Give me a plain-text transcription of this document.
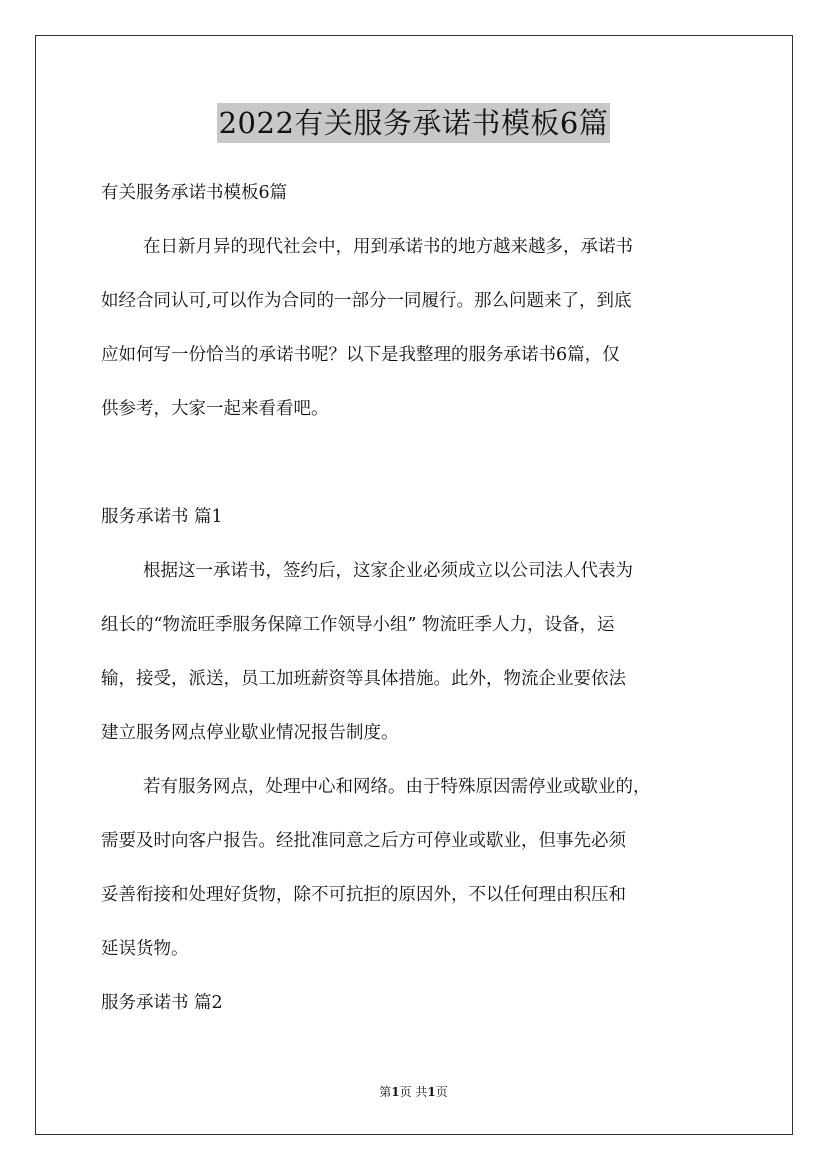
2022有关服务承诺书模板6篇
有关服务承诺书模板6篇
在日新月异的现代社会中，用到承诺书的地方越来越多，承诺书
如经合同认可,可以作为合同的一部分一同履行。那么问题来了，到底
应如何写一份恰当的承诺书呢？以下是我整理的服务承诺书6篇，仅
供参考，大家一起来看看吧。
服务承诺书 篇1
根据这一承诺书，签约后，这家企业必须成立以公司法人代表为
组长的“物流旺季服务保障工作领导小组” 物流旺季人力，设备，运
输，接受，派送，员工加班薪资等具体措施。此外，物流企业要依法
建立服务网点停业歇业情况报告制度。
若有服务网点，处理中心和网络。由于特殊原因需停业或歇业的，
需要及时向客户报告。经批准同意之后方可停业或歇业，但事先必须
妥善衔接和处理好货物，除不可抗拒的原因外，不以任何理由积压和
延误货物。
服务承诺书 篇2
第1页 共1页
